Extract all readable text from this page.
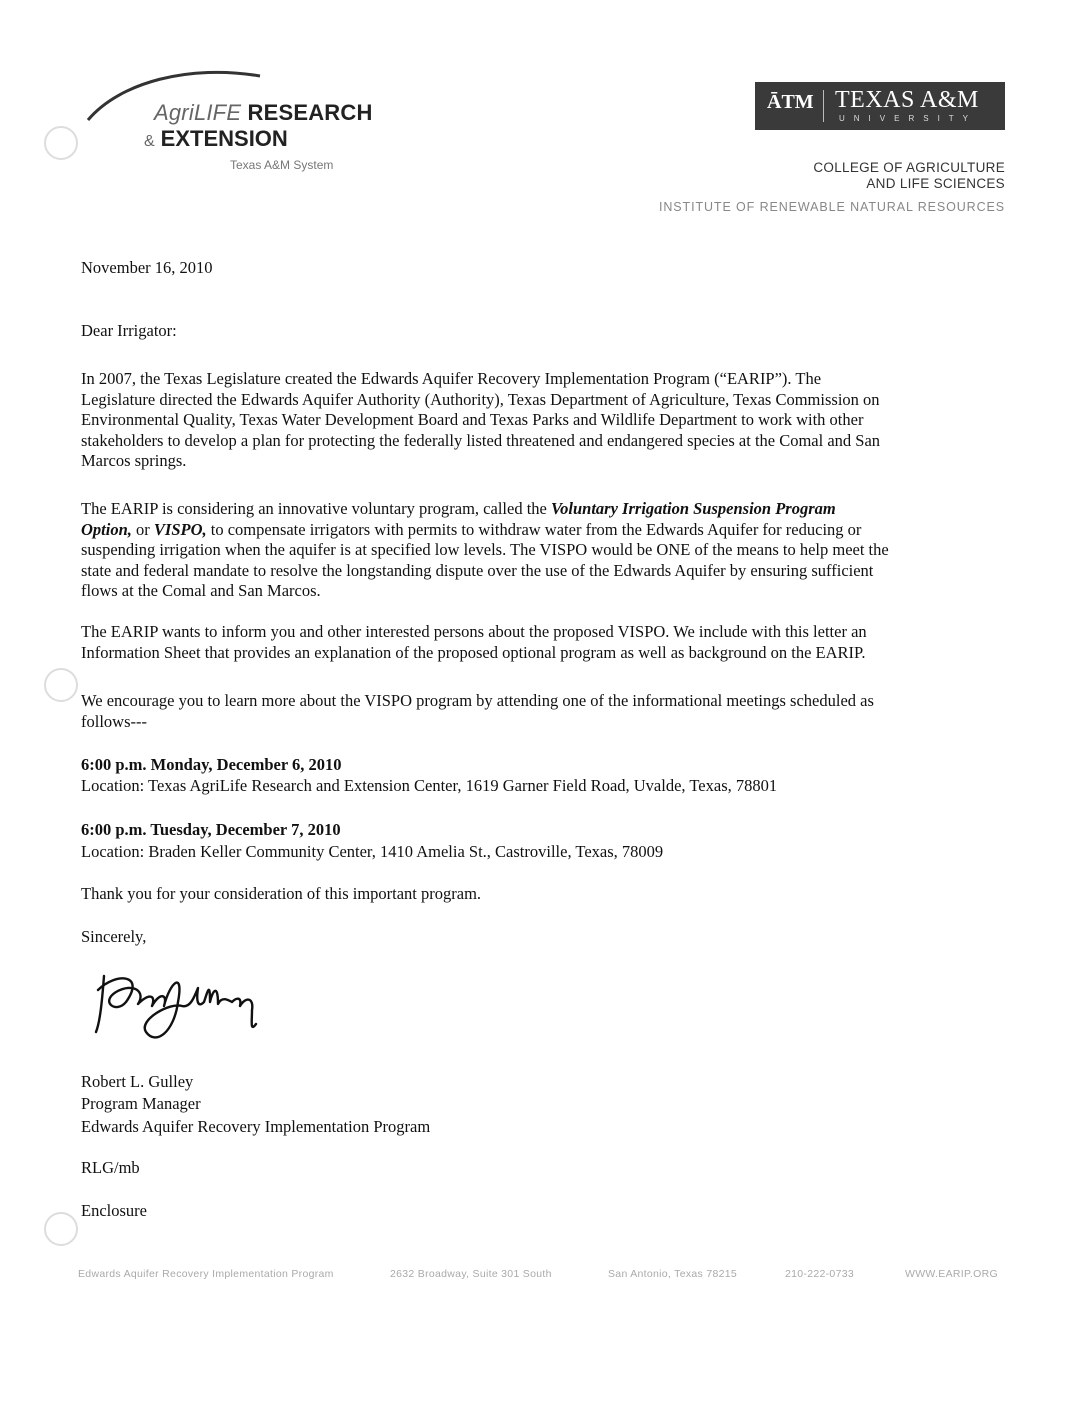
AgriLIFE RESEARCH
& EXTENSION
Texas A&M System
ĀTM TEXAS A&M
UNIVERSITY
COLLEGE OF AGRICULTURE
AND LIFE SCIENCES
INSTITUTE OF RENEWABLE NATURAL RESOURCES
November 16, 2010
Dear Irrigator:
In 2007, the Texas Legislature created the Edwards Aquifer Recovery Implementation Program (“EARIP”). The
Legislature directed the Edwards Aquifer Authority (Authority), Texas Department of Agriculture, Texas Commission on
Environmental Quality, Texas Water Development Board and Texas Parks and Wildlife Department to work with other
stakeholders to develop a plan for protecting the federally listed threatened and endangered species at the Comal and San
Marcos springs.
The EARIP is considering an innovative voluntary program, called the Voluntary Irrigation Suspension Program
Option, or VISPO, to compensate irrigators with permits to withdraw water from the Edwards Aquifer for reducing or
suspending irrigation when the aquifer is at specified low levels. The VISPO would be ONE of the means to help meet the
state and federal mandate to resolve the longstanding dispute over the use of the Edwards Aquifer by ensuring sufficient
flows at the Comal and San Marcos.
The EARIP wants to inform you and other interested persons about the proposed VISPO. We include with this letter an
Information Sheet that provides an explanation of the proposed optional program as well as background on the EARIP.
We encourage you to learn more about the VISPO program by attending one of the informational meetings scheduled as
follows---
6:00 p.m. Monday, December 6, 2010
Location: Texas AgriLife Research and Extension Center, 1619 Garner Field Road, Uvalde, Texas, 78801
6:00 p.m. Tuesday, December 7, 2010
Location: Braden Keller Community Center, 1410 Amelia St., Castroville, Texas, 78009
Thank you for your consideration of this important program.
Sincerely,
Robert L. Gulley
Program Manager
Edwards Aquifer Recovery Implementation Program
RLG/mb
Enclosure
Edwards Aquifer Recovery Implementation Program	2632 Broadway, Suite 301 South	San Antonio, Texas 78215	210-222-0733	WWW.EARIP.ORG
